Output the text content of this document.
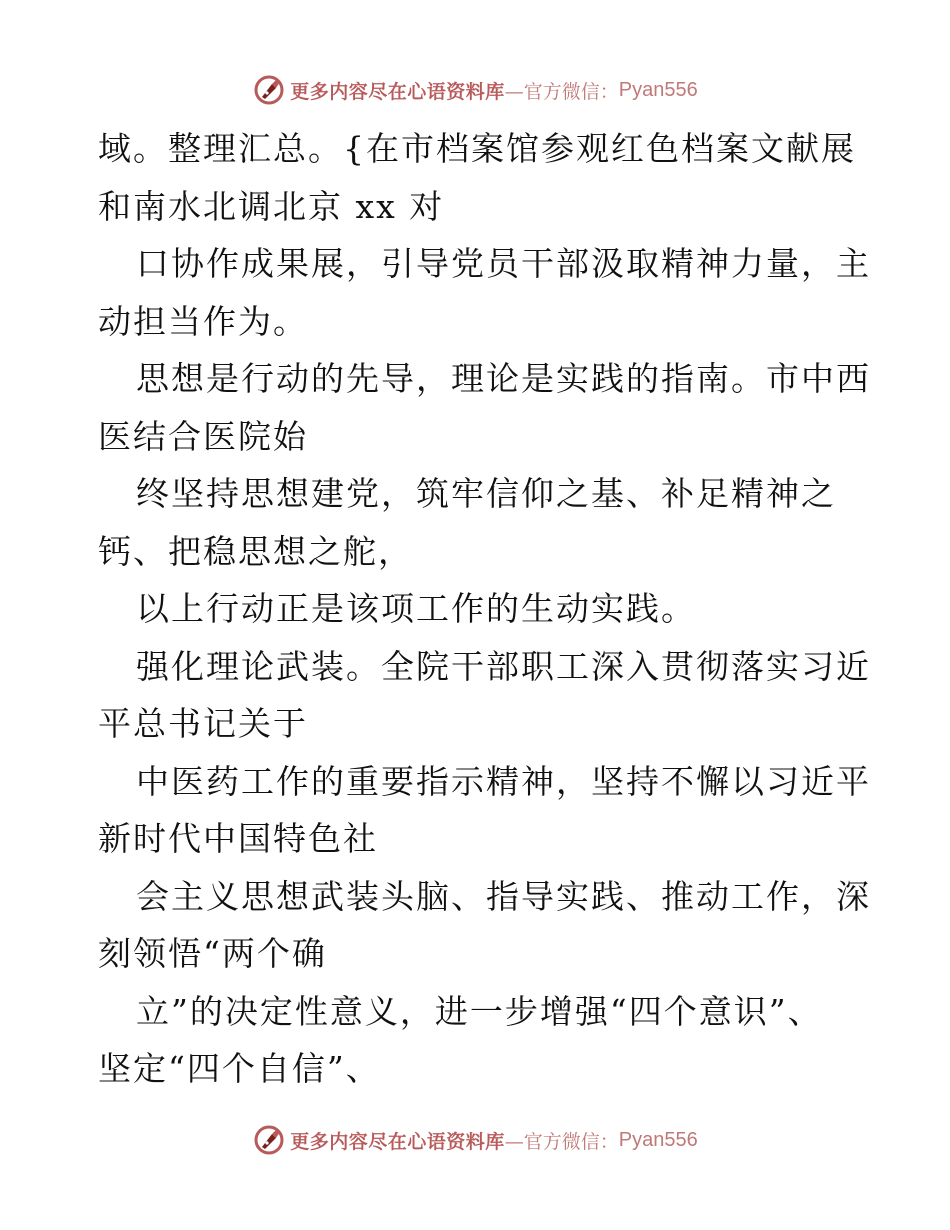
更多内容尽在心语资料库 —官方微信： Pyan556
域。整理汇总。{在市档案馆参观红色档案文献展
和南水北调北京 xx 对
口协作成果展，引导党员干部汲取精神力量，主
动担当作为。
思想是行动的先导，理论是实践的指南。市中西
医结合医院始
终坚持思想建党，筑牢信仰之基、补足精神之
钙、把稳思想之舵，
以上行动正是该项工作的生动实践。
强化理论武装。全院干部职工深入贯彻落实习近
平总书记关于
中医药工作的重要指示精神，坚持不懈以习近平
新时代中国特色社
会主义思想武装头脑、指导实践、推动工作，深
刻领悟“两个确
立”的决定性意义，进一步增强“四个意识”、
坚定“四个自信”、
更多内容尽在心语资料库 —官方微信： Pyan556
